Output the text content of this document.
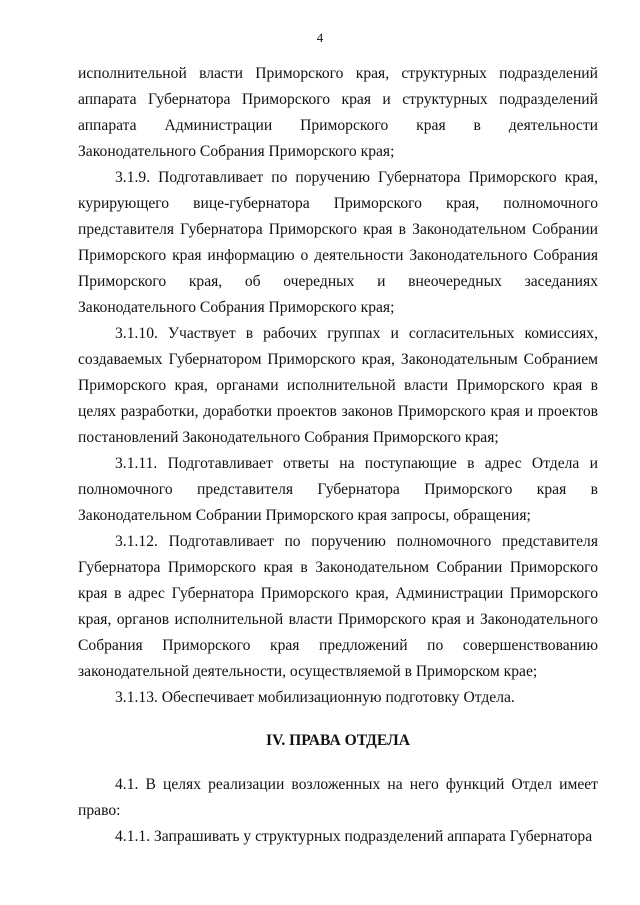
4

исполнительной власти Приморского края, структурных подразделений аппарата Губернатора Приморского края и структурных подразделений аппарата Администрации Приморского края в деятельности Законодательного Собрания Приморского края;

3.1.9. Подготавливает по поручению Губернатора Приморского края, курирующего вице-губернатора Приморского края, полномочного представителя Губернатора Приморского края в Законодательном Собрании Приморского края информацию о деятельности Законодательного Собрания Приморского края, об очередных и внеочередных заседаниях Законодательного Собрания Приморского края;

3.1.10. Участвует в рабочих группах и согласительных комиссиях, создаваемых Губернатором Приморского края, Законодательным Собранием Приморского края, органами исполнительной власти Приморского края в целях разработки, доработки проектов законов Приморского края и проектов постановлений Законодательного Собрания Приморского края;

3.1.11. Подготавливает ответы на поступающие в адрес Отдела и полномочного представителя Губернатора Приморского края в Законодательном Собрании Приморского края запросы, обращения;

3.1.12. Подготавливает по поручению полномочного представителя Губернатора Приморского края в Законодательном Собрании Приморского края в адрес Губернатора Приморского края, Администрации Приморского края, органов исполнительной власти Приморского края и Законодательного Собрания Приморского края предложений по совершенствованию законодательной деятельности, осуществляемой в Приморском крае;

3.1.13. Обеспечивает мобилизационную подготовку Отдела.

IV. ПРАВА ОТДЕЛА

4.1. В целях реализации возложенных на него функций Отдел имеет право:

4.1.1. Запрашивать у структурных подразделений аппарата Губернатора
